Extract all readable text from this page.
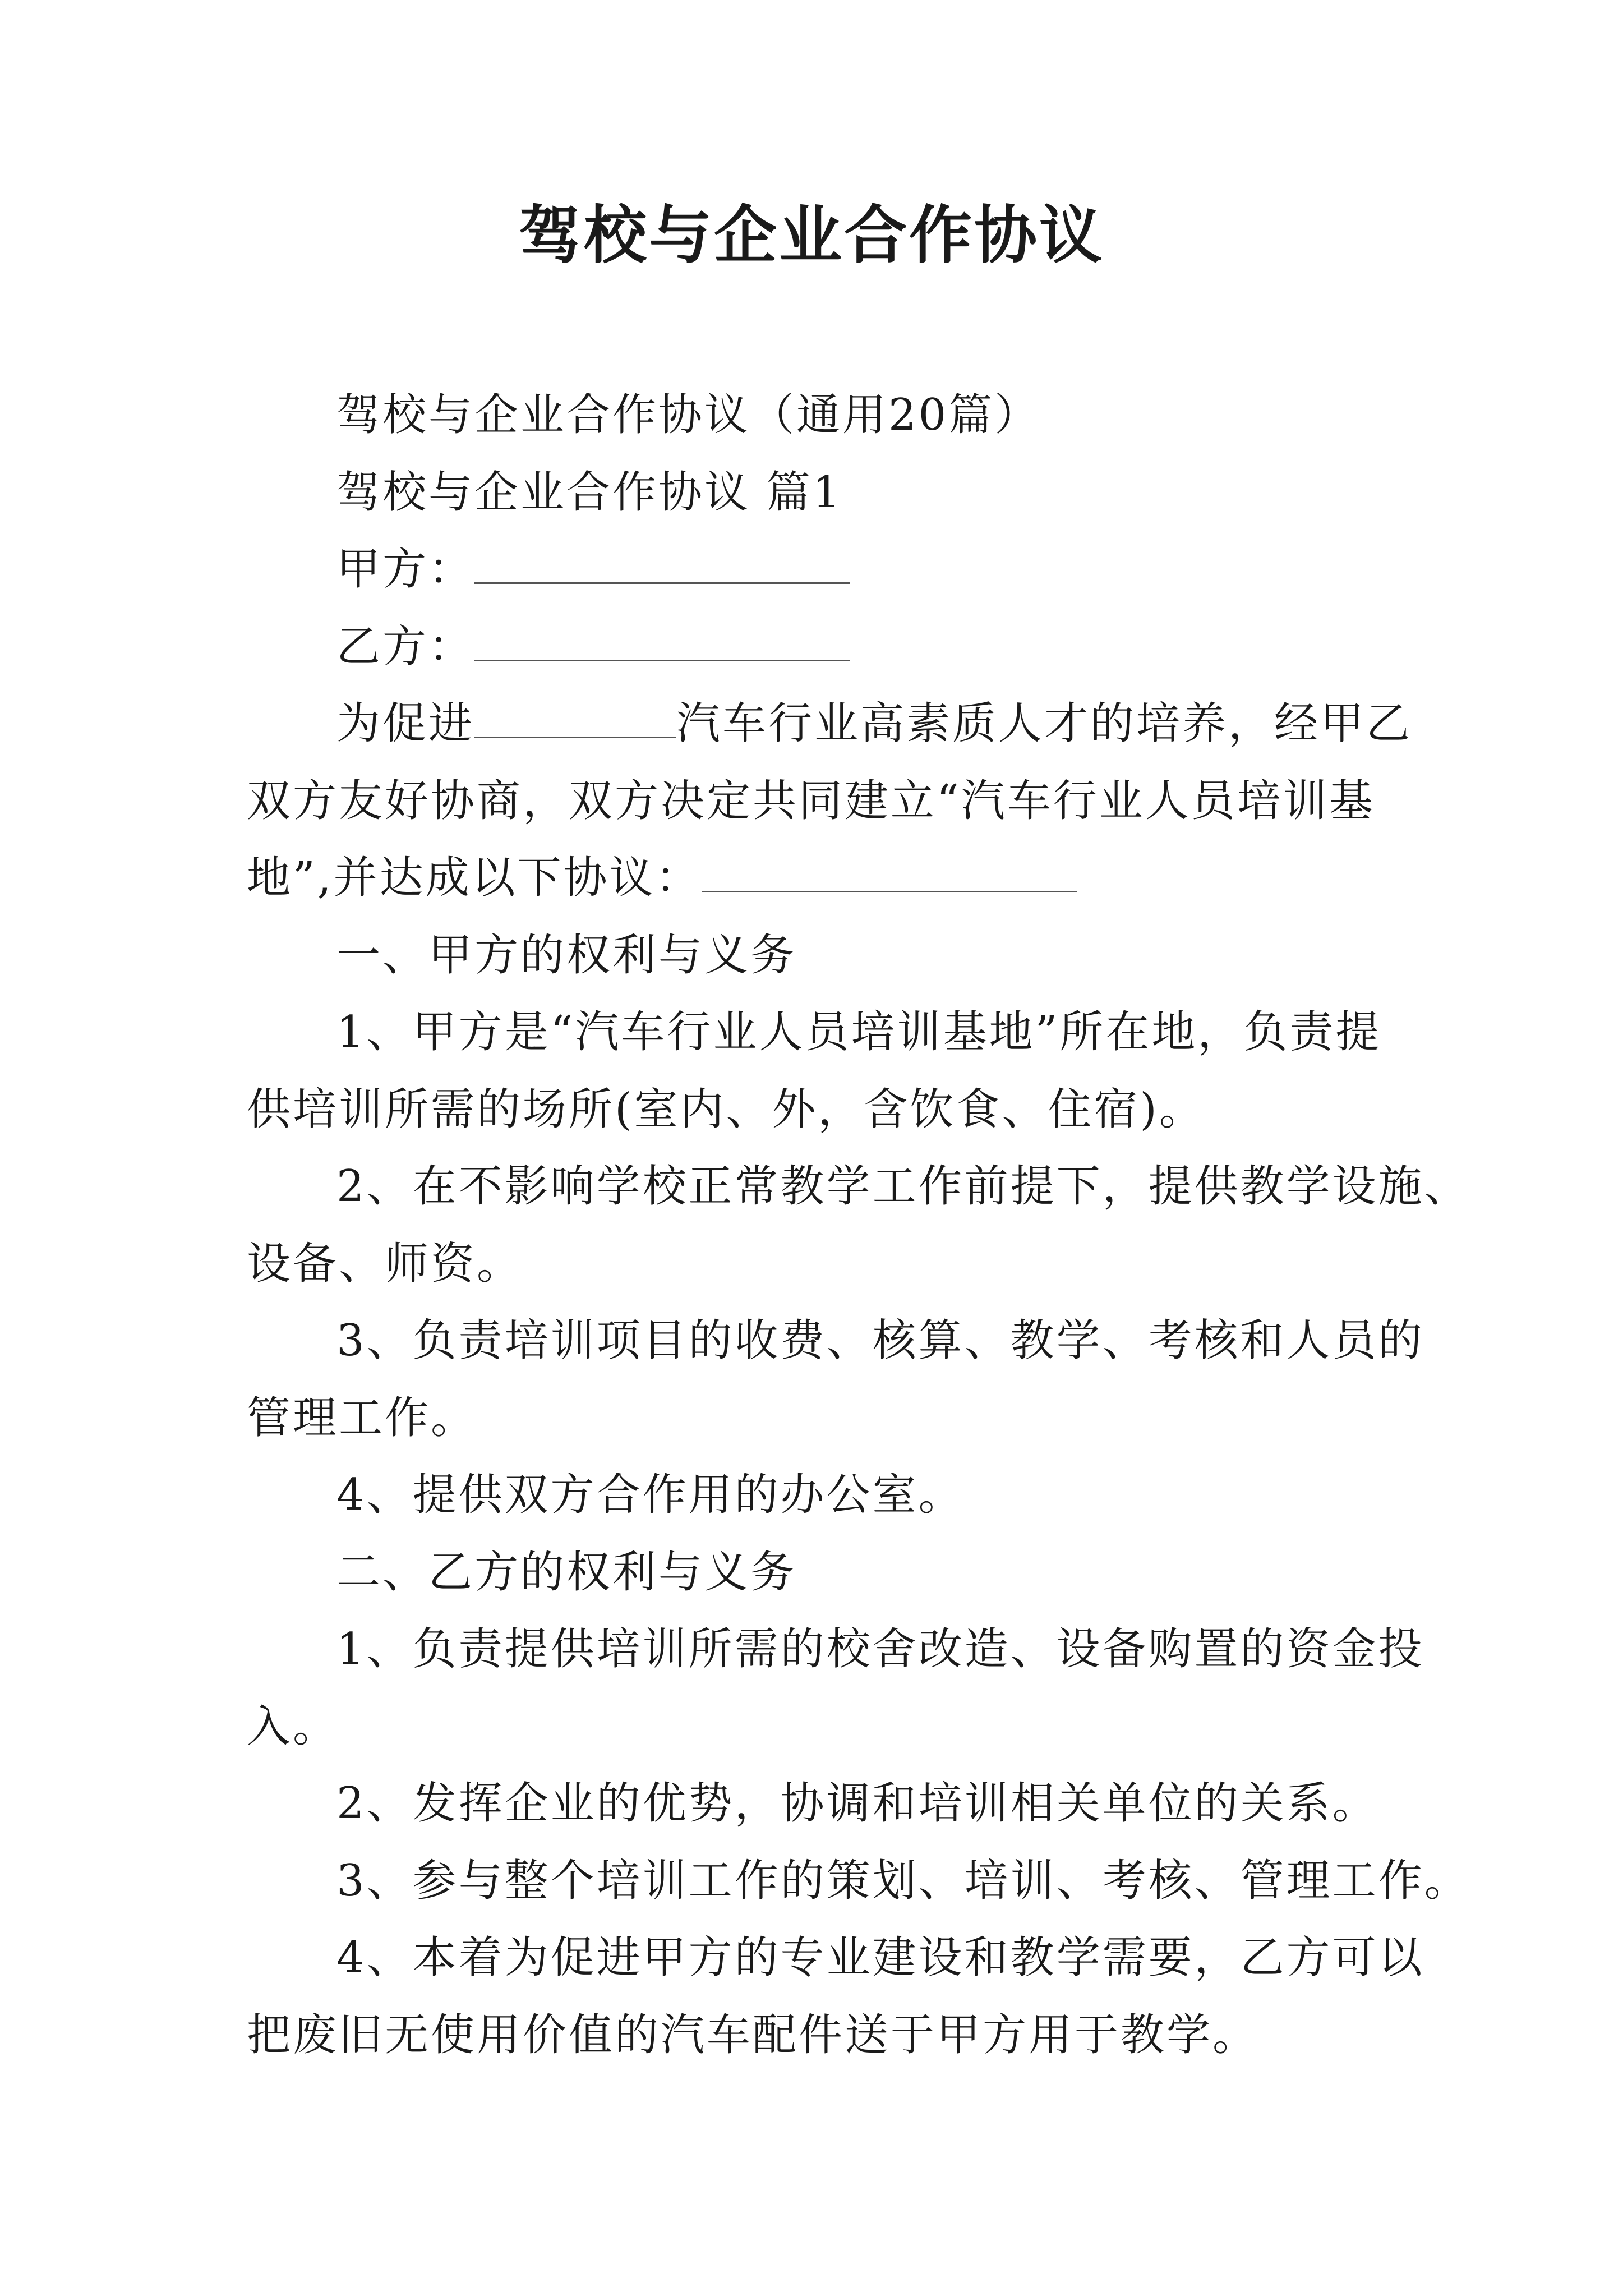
驾校与企业合作协议
驾校与企业合作协议（通用20篇）
驾校与企业合作协议 篇1
甲方：
乙方：
为促进	汽车行业高素质人才的培养，经甲乙
双方友好协商，双方决定共同建立“汽车行业人员培训基
地”,并达成以下协议：
一、甲方的权利与义务
1、甲方是“汽车行业人员培训基地”所在地，负责提
供培训所需的场所(室内、外，含饮食、住宿)。
2、在不影响学校正常教学工作前提下，提供教学设施、
设备、师资。
3、负责培训项目的收费、核算、教学、考核和人员的
管理工作。
4、提供双方合作用的办公室。
二、乙方的权利与义务
1、负责提供培训所需的校舍改造、设备购置的资金投
入。
2、发挥企业的优势，协调和培训相关单位的关系。
3、参与整个培训工作的策划、培训、考核、管理工作。
4、本着为促进甲方的专业建设和教学需要，乙方可以
把废旧无使用价值的汽车配件送于甲方用于教学。
